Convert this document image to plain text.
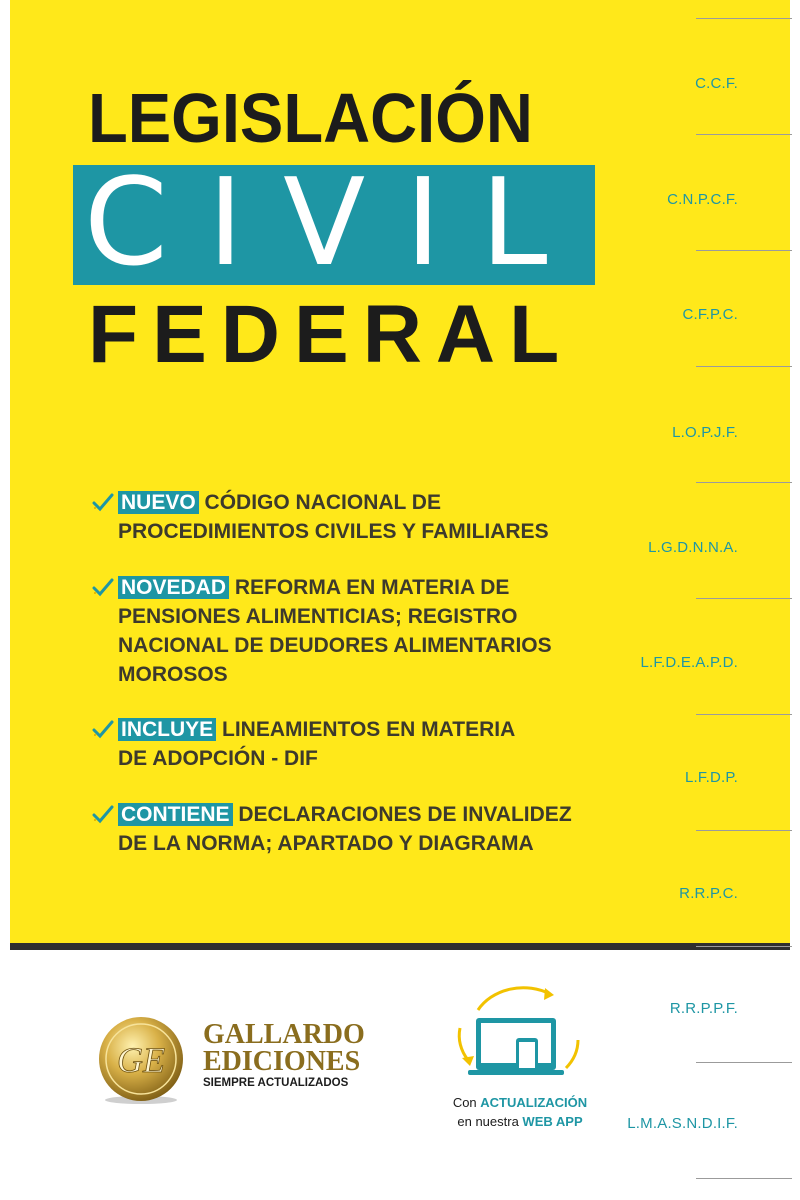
LEGISLACIÓN
CIVIL
FEDERAL
NUEVO CÓDIGO NACIONAL DE
PROCEDIMIENTOS CIVILES Y FAMILIARES
NOVEDAD REFORMA EN MATERIA DE
PENSIONES ALIMENTICIAS; REGISTRO
NACIONAL DE DEUDORES ALIMENTARIOS
MOROSOS
INCLUYE LINEAMIENTOS EN MATERIA
DE ADOPCIÓN - DIF
CONTIENE DECLARACIONES DE INVALIDEZ
DE LA NORMA; APARTADO Y DIAGRAMA
C.C.F.
C.N.P.C.F.
C.F.P.C.
L.O.P.J.F.
L.G.D.N.N.A.
L.F.D.E.A.P.D.
L.F.D.P.
R.R.P.C.
R.R.P.P.F.
L.M.A.S.N.D.I.F.
GE
GALLARDO
EDICIONES
SIEMPRE ACTUALIZADOS
Con ACTUALIZACIÓN
en nuestra WEB APP
